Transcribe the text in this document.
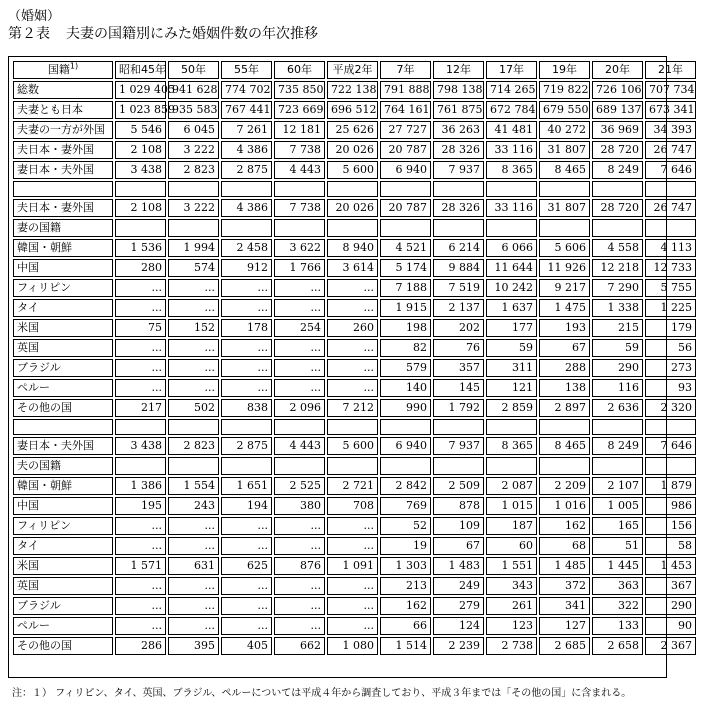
（婚姻）
第２表 夫妻の国籍別にみた婚姻件数の年次推移
国籍$^{1)}$	昭和45年	50年	55年	60年	平成2年	7年	12年	17年	19年	20年	21年
総数	1 029 405	941 628	774 702	735 850	722 138	791 888	798 138	714 265	719 822	726 106	707 734
夫妻とも日本	1 023 859	935 583	767 441	723 669	696 512	764 161	761 875	672 784	679 550	689 137	673 341
夫妻の一方が外国	5 546	6 045	7 261	12 181	25 626	27 727	36 263	41 481	40 272	36 969	34 393
夫日本・妻外国	2 108	3 222	4 386	7 738	20 026	20 787	28 326	33 116	31 807	28 720	26 747
妻日本・夫外国	3 438	2 823	2 875	4 443	5 600	6 940	7 937	8 365	8 465	8 249	7 646

夫日本・妻外国	2 108	3 222	4 386	7 738	20 026	20 787	28 326	33 116	31 807	28 720	26 747
妻の国籍											
韓国・朝鮮	1 536	1 994	2 458	3 622	8 940	4 521	6 214	6 066	5 606	4 558	4 113
中国	280	574	912	1 766	3 614	5 174	9 884	11 644	11 926	12 218	12 733
フィリピン	...	...	...	...	...	7 188	7 519	10 242	9 217	7 290	5 755
タイ	...	...	...	...	...	1 915	2 137	1 637	1 475	1 338	1 225
米国	75	152	178	254	260	198	202	177	193	215	179
英国	...	...	...	...	...	82	76	59	67	59	56
ブラジル	...	...	...	...	...	579	357	311	288	290	273
ペルー	...	...	...	...	...	140	145	121	138	116	93
その他の国	217	502	838	2 096	7 212	990	1 792	2 859	2 897	2 636	2 320

妻日本・夫外国	3 438	2 823	2 875	4 443	5 600	6 940	7 937	8 365	8 465	8 249	7 646
夫の国籍											
韓国・朝鮮	1 386	1 554	1 651	2 525	2 721	2 842	2 509	2 087	2 209	2 107	1 879
中国	195	243	194	380	708	769	878	1 015	1 016	1 005	986
フィリピン	...	...	...	...	...	52	109	187	162	165	156
タイ	...	...	...	...	...	19	67	60	68	51	58
米国	1 571	631	625	876	1 091	1 303	1 483	1 551	1 485	1 445	1 453
英国	...	...	...	...	...	213	249	343	372	363	367
ブラジル	...	...	...	...	...	162	279	261	341	322	290
ペルー	...	...	...	...	...	66	124	123	127	133	90
その他の国	286	395	405	662	1 080	1 514	2 239	2 738	2 685	2 658	2 367
注：１） フィリピン、タイ、英国、ブラジル、ペルーについては平成４年から調査しており、平成３年までは「その他の国」に含まれる。
